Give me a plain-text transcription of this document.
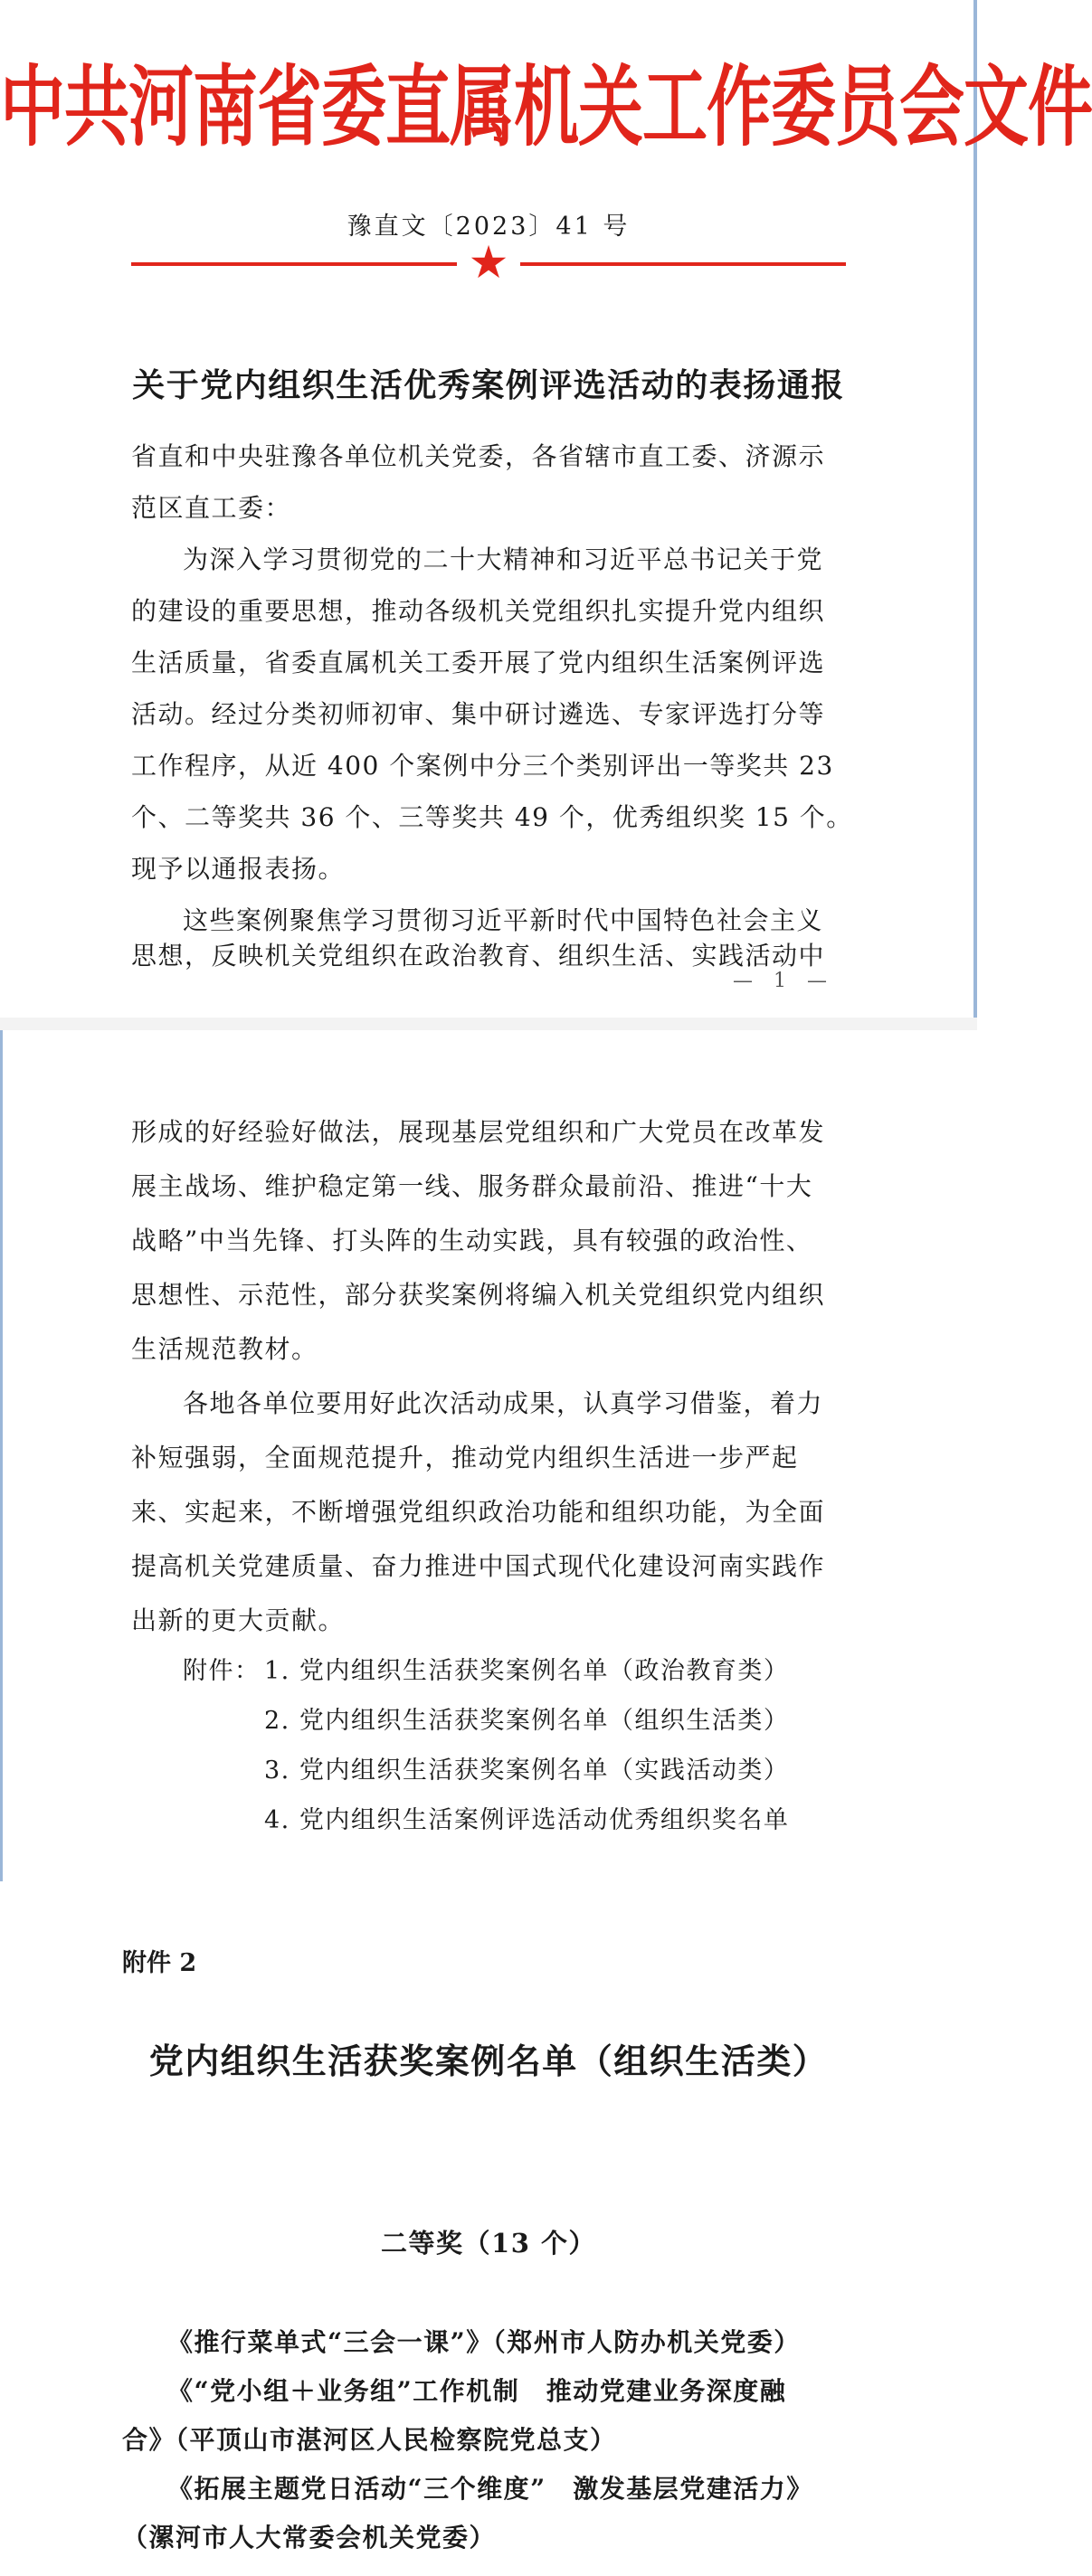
中共河南省委直属机关工作委员会文件

豫直文〔2023〕41 号

★

关于党内组织生活优秀案例评选活动的表扬通报

省直和中央驻豫各单位机关党委，各省辖市直工委、济源示

范区直工委：

为深入学习贯彻党的二十大精神和习近平总书记关于党

的建设的重要思想，推动各级机关党组织扎实提升党内组织

生活质量，省委直属机关工委开展了党内组织生活案例评选

活动。经过分类初师初审、集中研讨遴选、专家评选打分等

工作程序，从近 400 个案例中分三个类别评出一等奖共 23

个、二等奖共 36 个、三等奖共 49 个，优秀组织奖 15 个。

现予以通报表扬。

这些案例聚焦学习贯彻习近平新时代中国特色社会主义

思想，反映机关党组织在政治教育、组织生活、实践活动中

— 1 —

形成的好经验好做法，展现基层党组织和广大党员在改革发

展主战场、维护稳定第一线、服务群众最前沿、推进“十大

战略”中当先锋、打头阵的生动实践，具有较强的政治性、

思想性、示范性，部分获奖案例将编入机关党组织党内组织

生活规范教材。

各地各单位要用好此次活动成果，认真学习借鉴，着力

补短强弱，全面规范提升，推动党内组织生活进一步严起

来、实起来，不断增强党组织政治功能和组织功能，为全面

提高机关党建质量、奋力推进中国式现代化建设河南实践作

出新的更大贡献。

附件： 1. 党内组织生活获奖案例名单（政治教育类）

2. 党内组织生活获奖案例名单（组织生活类）

3. 党内组织生活获奖案例名单（实践活动类）

4. 党内组织生活案例评选活动优秀组织奖名单

附件 2

党内组织生活获奖案例名单（组织生活类）

二等奖（13 个）

《推行菜单式“三会一课”》（郑州市人防办机关党委）

《“党小组＋业务组”工作机制　推动党建业务深度融

合》（平顶山市湛河区人民检察院党总支）

《拓展主题党日活动“三个维度”　激发基层党建活力》

（漯河市人大常委会机关党委）
